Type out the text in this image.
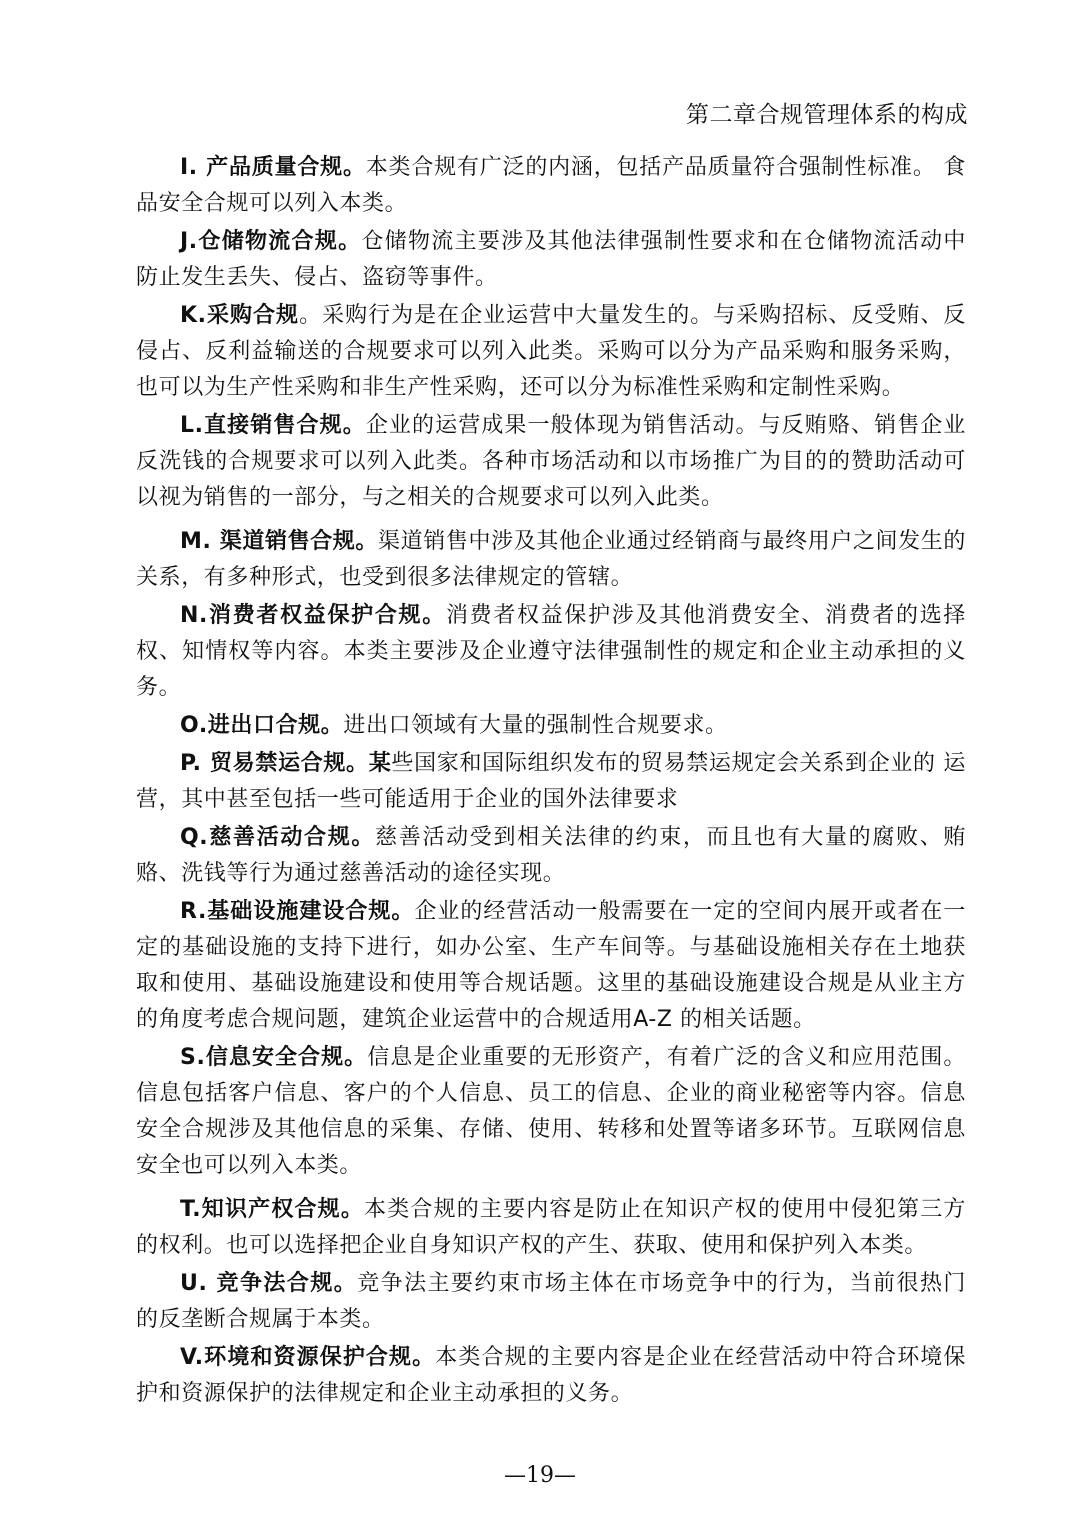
第二章合规管理体系的构成

I. 产品质量合规。本类合规有广泛的内涵，包括产品质量符合强制性标准。 食品安全合规可以列入本类。

J.仓储物流合规。仓储物流主要涉及其他法律强制性要求和在仓储物流活动中防止发生丢失、侵占、盗窃等事件。

K.采购合规。采购行为是在企业运营中大量发生的。与采购招标、反受贿、反侵占、反利益输送的合规要求可以列入此类。采购可以分为产品采购和服务采购，也可以为生产性采购和非生产性采购，还可以分为标准性采购和定制性采购。

L.直接销售合规。企业的运营成果一般体现为销售活动。与反贿赂、销售企业反洗钱的合规要求可以列入此类。各种市场活动和以市场推广为目的的赞助活动可以视为销售的一部分，与之相关的合规要求可以列入此类。

M. 渠道销售合规。渠道销售中涉及其他企业通过经销商与最终用户之间发生的关系，有多种形式，也受到很多法律规定的管辖。

N.消费者权益保护合规。消费者权益保护涉及其他消费安全、消费者的选择权、知情权等内容。本类主要涉及企业遵守法律强制性的规定和企业主动承担的义务。

O.进出口合规。进出口领域有大量的强制性合规要求。

P. 贸易禁运合规。某些国家和国际组织发布的贸易禁运规定会关系到企业的 运营，其中甚至包括一些可能适用于企业的国外法律要求

Q.慈善活动合规。慈善活动受到相关法律的约束，而且也有大量的腐败、贿赂、洗钱等行为通过慈善活动的途径实现。

R.基础设施建设合规。企业的经营活动一般需要在一定的空间内展开或者在一定的基础设施的支持下进行，如办公室、生产车间等。与基础设施相关存在土地获取和使用、基础设施建设和使用等合规话题。这里的基础设施建设合规是从业主方的角度考虑合规问题，建筑企业运营中的合规适用A-Z 的相关话题。

S.信息安全合规。信息是企业重要的无形资产，有着广泛的含义和应用范围。信息包括客户信息、客户的个人信息、员工的信息、企业的商业秘密等内容。信息安全合规涉及其他信息的采集、存储、使用、转移和处置等诸多环节。互联网信息安全也可以列入本类。

T.知识产权合规。本类合规的主要内容是防止在知识产权的使用中侵犯第三方的权利。也可以选择把企业自身知识产权的产生、获取、使用和保护列入本类。

U. 竞争法合规。竞争法主要约束市场主体在市场竞争中的行为，当前很热门 的反垄断合规属于本类。

V.环境和资源保护合规。本类合规的主要内容是企业在经营活动中符合环境保护和资源保护的法律规定和企业主动承担的义务。

—19—
